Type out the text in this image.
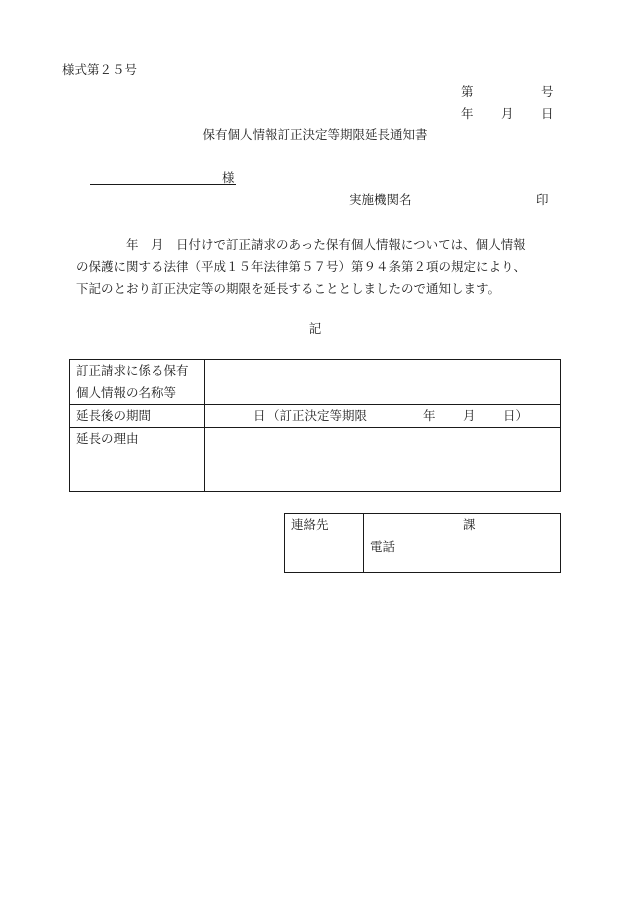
様式第２５号
第	号
年 月 日
保有個人情報訂正決定等期限延長通知書
様
実施機関名	印

　　　　年　月　日付けで訂正請求のあった保有個人情報については、個人情報

の保護に関する法律（平成１５年法律第５７号）第９４条第２項の規定により、

下記のとおり訂正決定等の期限を延長することとしましたので通知します。

記
訂正請求に係る保有
個人情報の名称等	

延長後の期間	日 （訂正決定等期限 年 月 日）

延長の理由	
連絡先	課
電話
